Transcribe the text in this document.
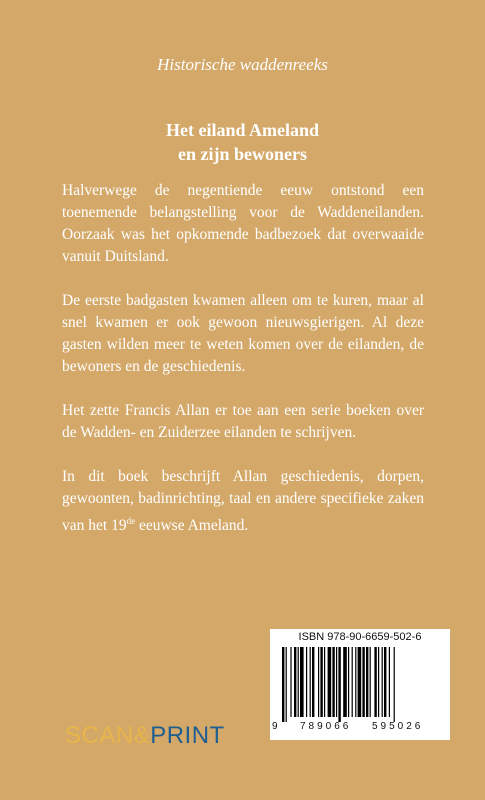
Historische waddenreeks
Het eiland Ameland
en zijn bewoners

Halverwege de negentiende eeuw ontstond een toenemende belangstelling voor de Waddeneilanden. Oorzaak was het opkomende badbezoek dat overwaaide vanuit Duitsland.

De eerste badgasten kwamen alleen om te kuren, maar al snel kwamen er ook gewoon nieuwsgierigen. Al deze gasten wilden meer te weten komen over de eilanden, de bewoners en de geschiedenis.

Het zette Francis Allan er toe aan een serie boeken over de Wadden- en Zuiderzee eilanden te schrijven.

In dit boek beschrijft Allan geschiedenis, dorpen, gewoonten, badinrichting, taal en andere specifieke zaken van het 19de eeuwse Ameland.

ISBN 978-90-6659-502-6
9 789066 595026
SCAN&PRINT
